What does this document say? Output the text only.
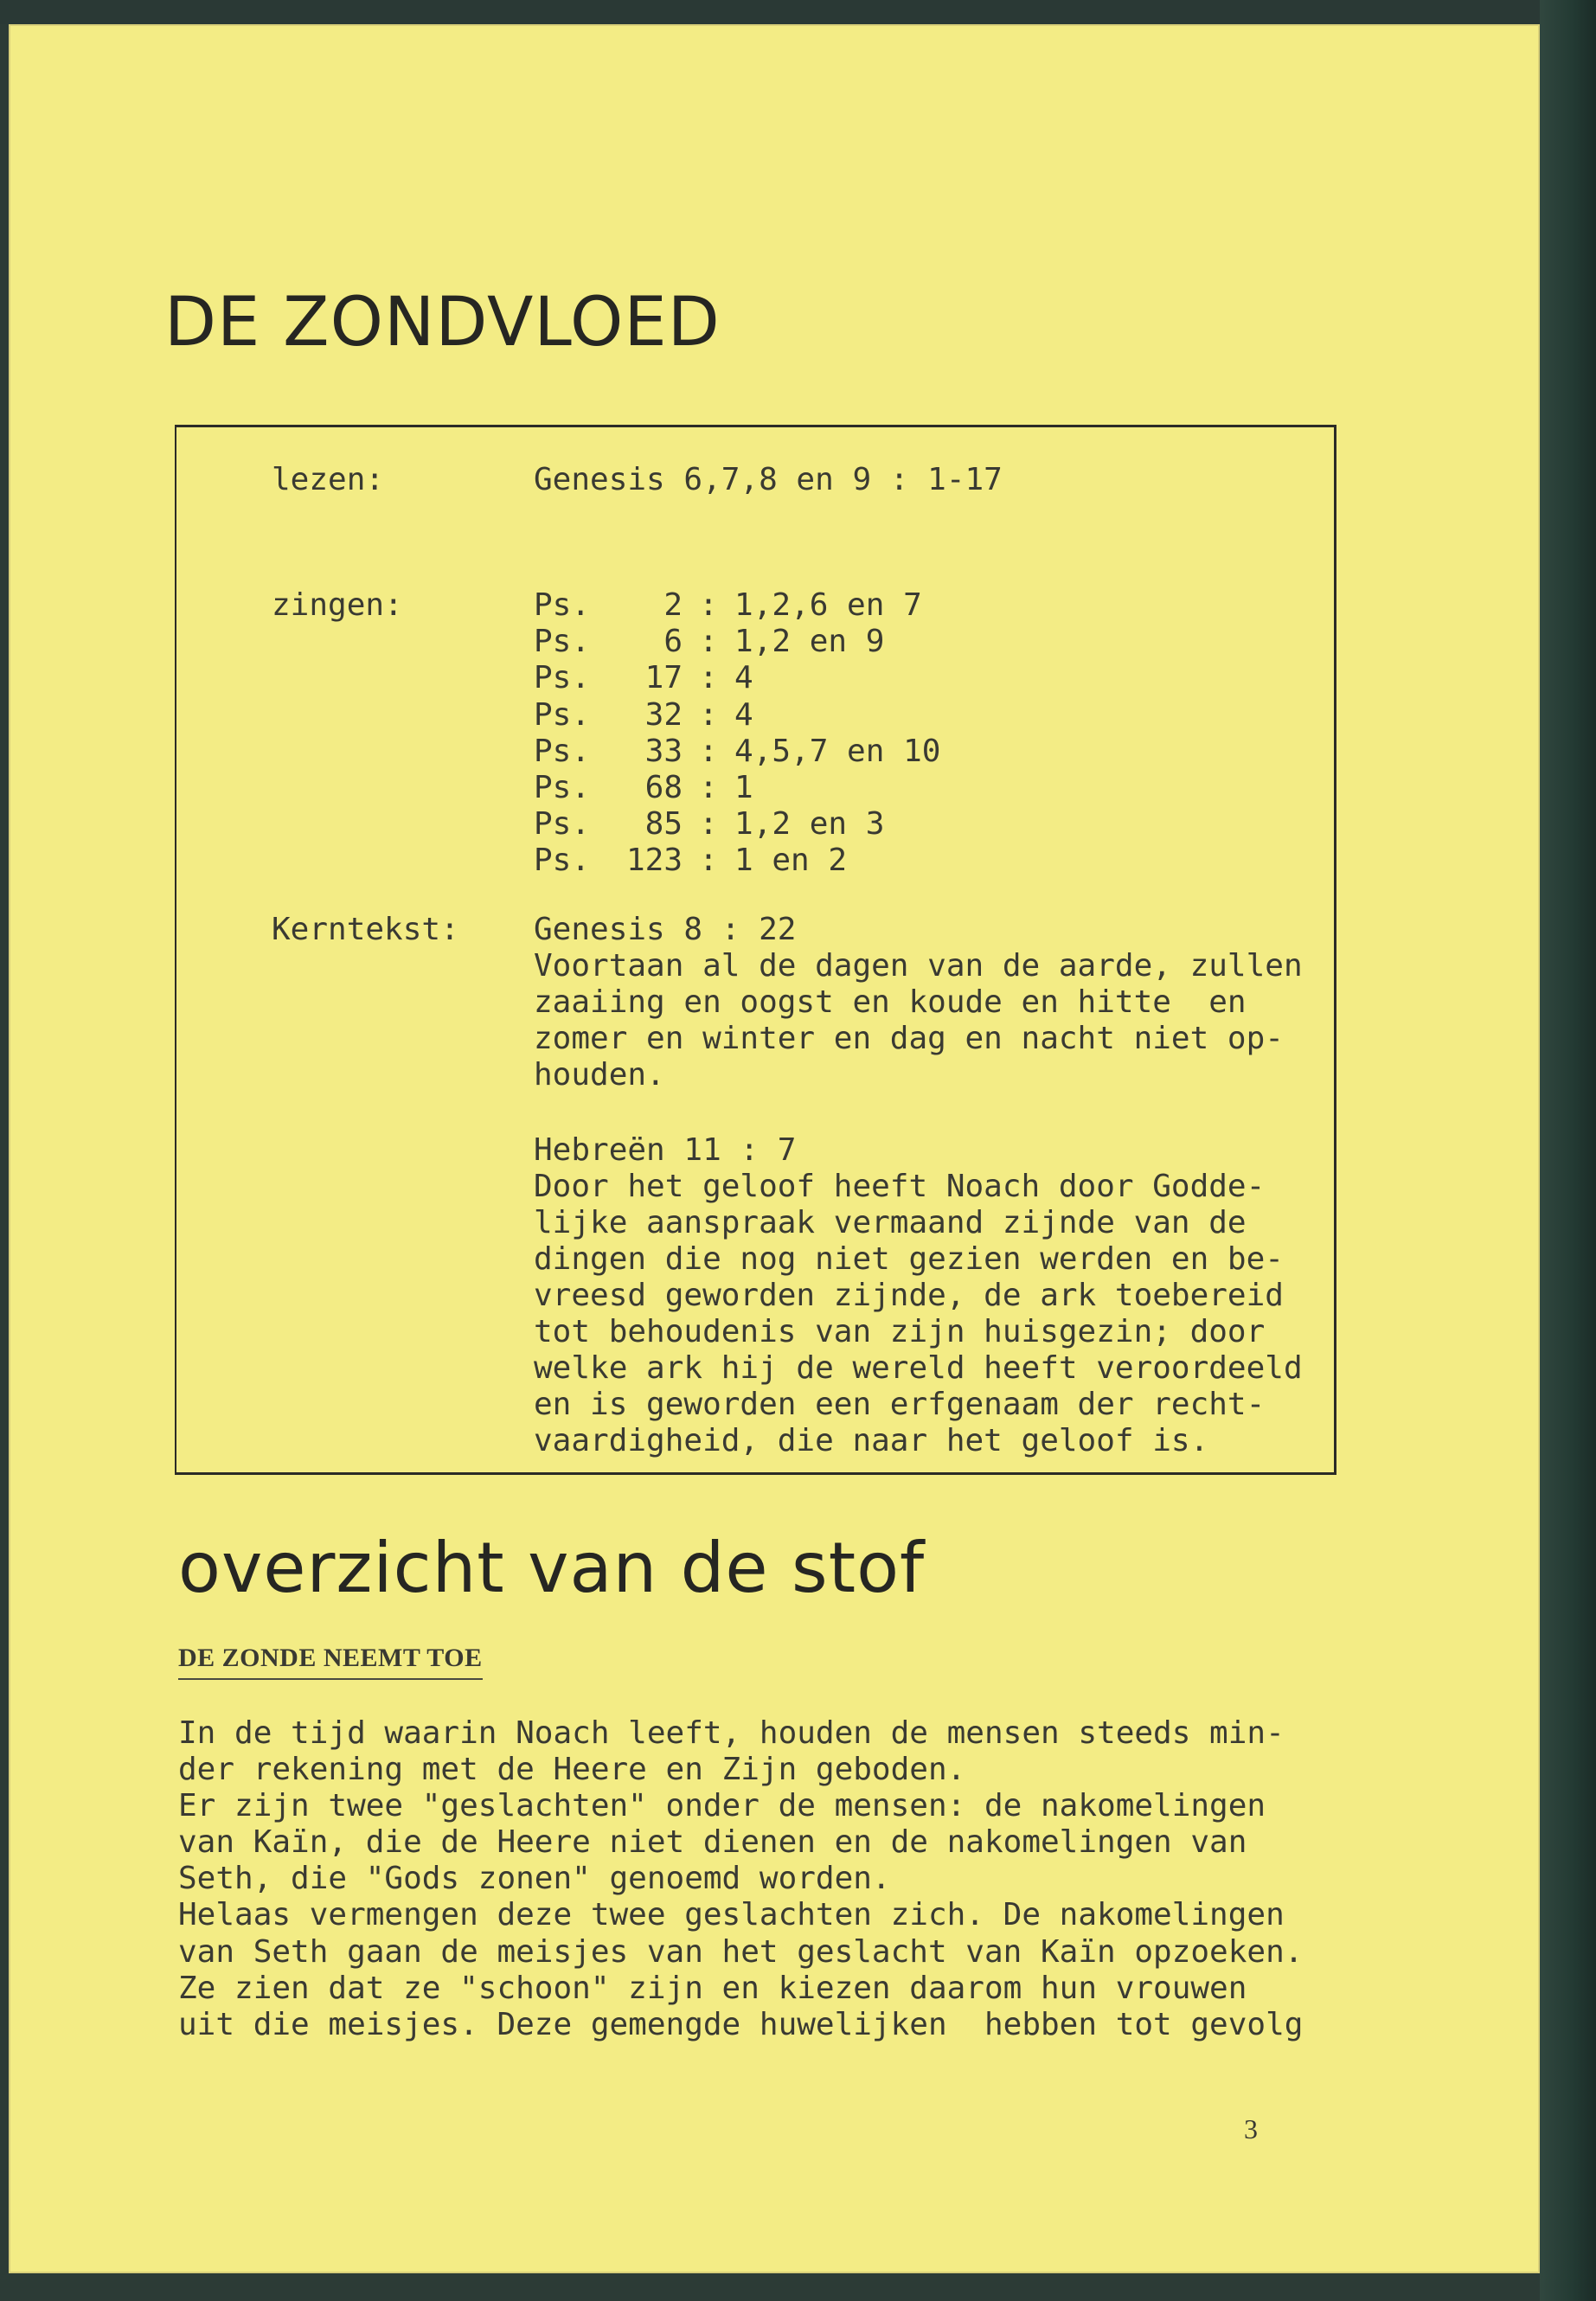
DE ZONDVLOED
lezen:	Genesis 6,7,8 en 9 : 1-17
zingen:	Ps. 2 : 1,2,6 en 7
Ps. 6 : 1,2 en 9
Ps. 17 : 4
Ps. 32 : 4
Ps. 33 : 4,5,7 en 10
Ps. 68 : 1
Ps. 85 : 1,2 en 3
Ps. 123 : 1 en 2
Kerntekst: Genesis 8 : 22

Voortaan al de dagen van de aarde, zullen
zaaiing en oogst en koude en hitte  en
zomer en winter en dag en nacht niet op-
houden.

Hebreën 11 : 7

Door het geloof heeft Noach door Godde-
lijke aanspraak vermaand zijnde van de
dingen die nog niet gezien werden en be-
vreesd geworden zijnde, de ark toebereid
tot behoudenis van zijn huisgezin; door
welke ark hij de wereld heeft veroordeeld
en is geworden een erfgenaam der recht-
vaardigheid, die naar het geloof is.

overzicht van de stof
DE ZONDE NEEMT TOE

In de tijd waarin Noach leeft, houden de mensen steeds min-
der rekening met de Heere en Zijn geboden.
Er zijn twee "geslachten" onder de mensen: de nakomelingen
van Kaïn, die de Heere niet dienen en de nakomelingen van
Seth, die "Gods zonen" genoemd worden.
Helaas vermengen deze twee geslachten zich. De nakomelingen
van Seth gaan de meisjes van het geslacht van Kaïn opzoeken.
Ze zien dat ze "schoon" zijn en kiezen daarom hun vrouwen
uit die meisjes. Deze gemengde huwelijken  hebben tot gevolg

3
